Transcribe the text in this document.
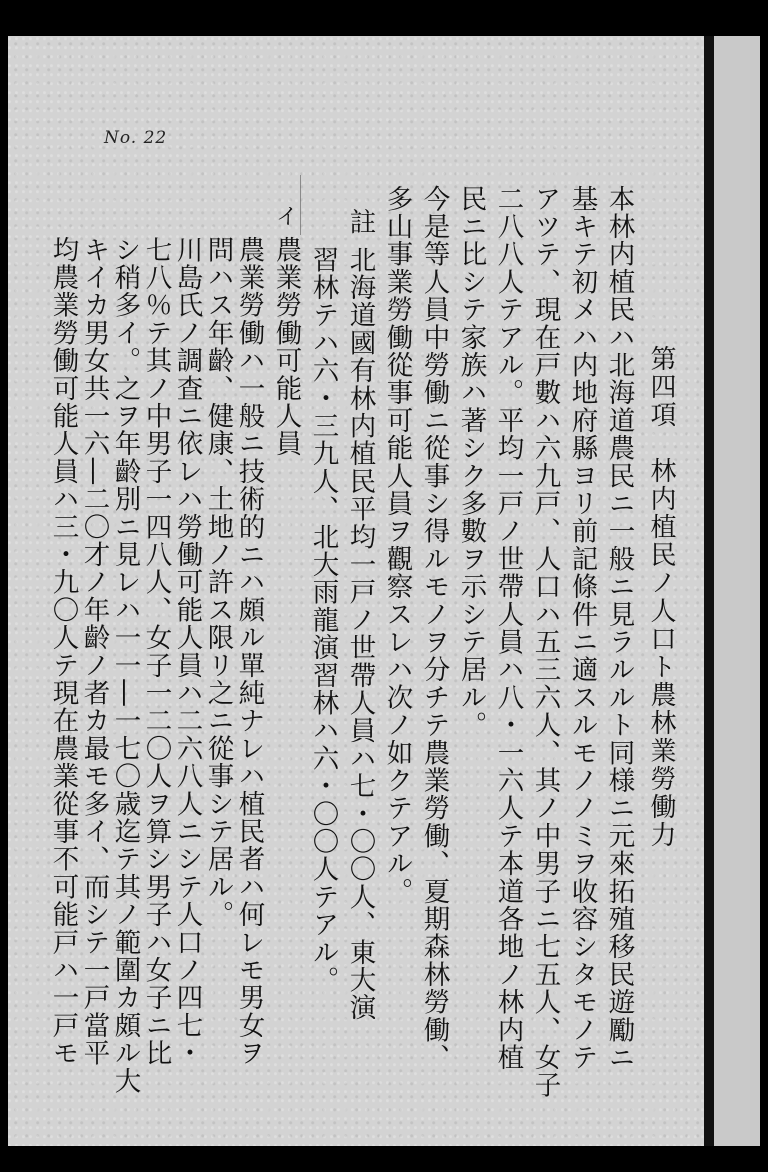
No. 22
第四項　林内植民ノ人口ト農林業勞働力
本林内植民ハ北海道農民ニ一般ニ見ラルルト同様ニ元來拓殖移民遊勵ニ
基キテ初メハ内地府縣ヨリ前記條件ニ適スルモノノミヲ收容シタモノテ
アツテ、現在戸數ハ六九戸、人口ハ五三六人、其ノ中男子ニ七五人、女子
二八八人テアル。平均一戸ノ世帶人員ハ八・一六人テ本道各地ノ林内植
民ニ比シテ家族ハ著シク多數ヲ示シテ居ル。
今是等人員中勞働ニ從事シ得ルモノヲ分チテ農業勞働、夏期森林勞働、
多山事業勞働從事可能人員ヲ觀察スレハ次ノ如クテアル。
註
北海道國有林内植民平均一戸ノ世帶人員ハ七・〇〇人、東大演
習林テハ六・三九人、北大雨龍演習林ハ六・〇〇人テアル。
イ
農業勞働可能人員
農業勞働ハ一般ニ技術的ニハ頗ル單純ナレハ植民者ハ何レモ男女ヲ
問ハス年齡、健康、土地ノ許ス限リ之ニ從事シテ居ル。
川島氏ノ調査ニ依レハ勞働可能人員ハ二六八人ニシテ人口ノ四七・
七八％テ其ノ中男子一四八人、女子一二〇人ヲ算シ男子ハ女子ニ比
シ稍多イ。之ヲ年齡別ニ見レハ一一―一七〇歳迄テ其ノ範圍カ頗ル大
キイカ男女共一六―二〇才ノ年齡ノ者カ最モ多イ、而シテ一戸當平
均農業勞働可能人員ハ三・九〇人テ現在農業從事不可能戸ハ一戸モ
